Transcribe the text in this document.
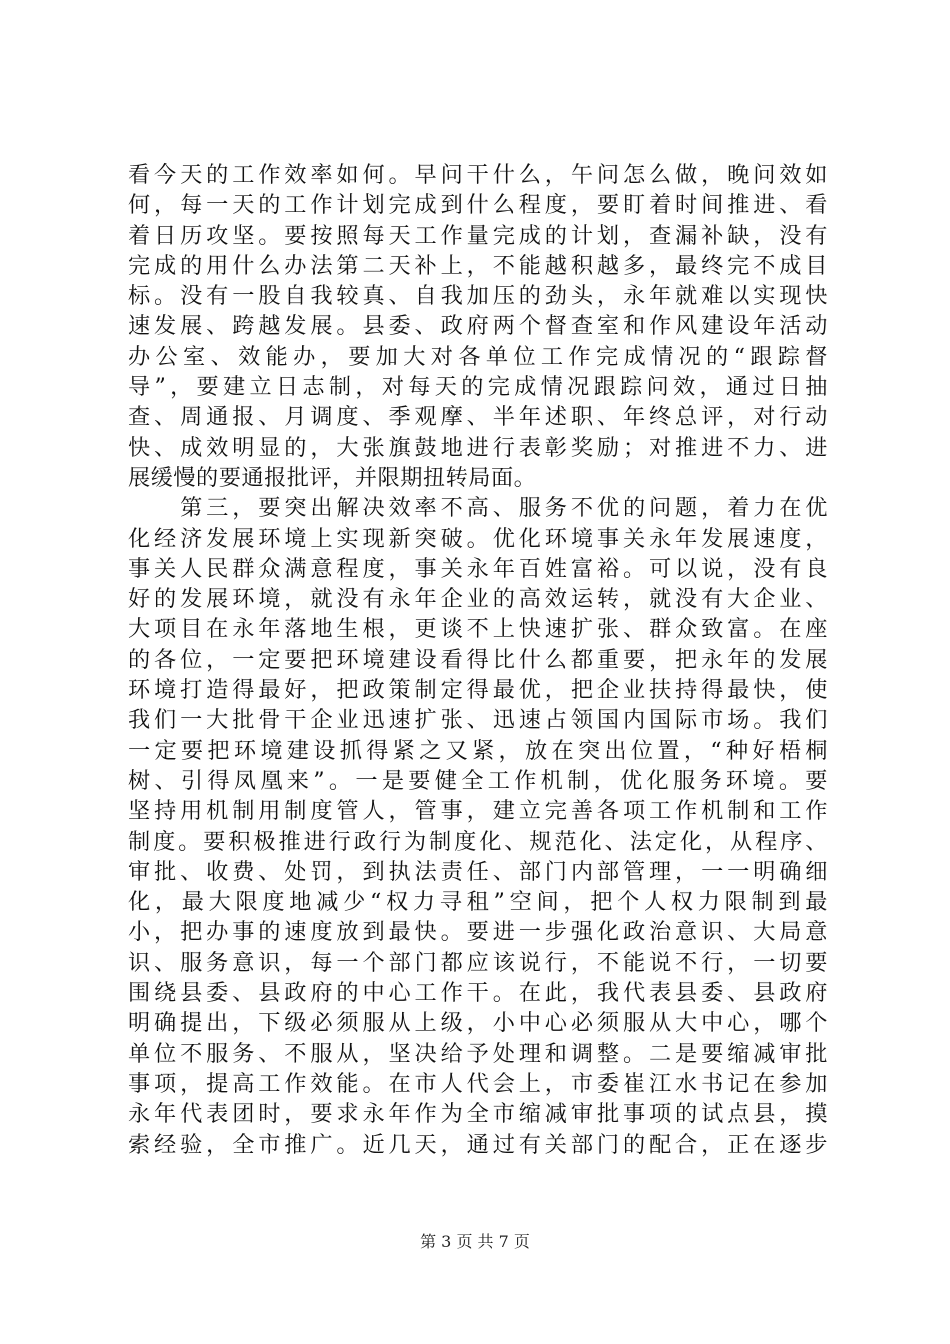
看今天的工作效率如何。早问干什么，午问怎么做，晚问效如
何，每一天的工作计划完成到什么程度，要盯着时间推进、看
着日历攻坚。要按照每天工作量完成的计划，查漏补缺，没有
完成的用什么办法第二天补上，不能越积越多，最终完不成目
标。没有一股自我较真、自我加压的劲头，永年就难以实现快
速发展、跨越发展。县委、政府两个督查室和作风建设年活动
办公室、效能办，要加大对各单位工作完成情况的“跟踪督
导”，要建立日志制，对每天的完成情况跟踪问效，通过日抽
查、周通报、月调度、季观摩、半年述职、年终总评，对行动
快、成效明显的，大张旗鼓地进行表彰奖励；对推进不力、进
展缓慢的要通报批评，并限期扭转局面。
　　第三，要突出解决效率不高、服务不优的问题，着力在优
化经济发展环境上实现新突破。优化环境事关永年发展速度，
事关人民群众满意程度，事关永年百姓富裕。可以说，没有良
好的发展环境，就没有永年企业的高效运转，就没有大企业、
大项目在永年落地生根，更谈不上快速扩张、群众致富。在座
的各位，一定要把环境建设看得比什么都重要，把永年的发展
环境打造得最好，把政策制定得最优，把企业扶持得最快，使
我们一大批骨干企业迅速扩张、迅速占领国内国际市场。我们
一定要把环境建设抓得紧之又紧，放在突出位置，“种好梧桐
树、引得凤凰来”。一是要健全工作机制，优化服务环境。要
坚持用机制用制度管人，管事，建立完善各项工作机制和工作
制度。要积极推进行政行为制度化、规范化、法定化，从程序、
审批、收费、处罚，到执法责任、部门内部管理，一一明确细
化，最大限度地减少“权力寻租”空间，把个人权力限制到最
小，把办事的速度放到最快。要进一步强化政治意识、大局意
识、服务意识，每一个部门都应该说行，不能说不行，一切要
围绕县委、县政府的中心工作干。在此，我代表县委、县政府
明确提出，下级必须服从上级，小中心必须服从大中心，哪个
单位不服务、不服从，坚决给予处理和调整。二是要缩减审批
事项，提高工作效能。在市人代会上，市委崔江水书记在参加
永年代表团时，要求永年作为全市缩减审批事项的试点县，摸
索经验，全市推广。近几天，通过有关部门的配合，正在逐步
第 3 页 共 7 页
